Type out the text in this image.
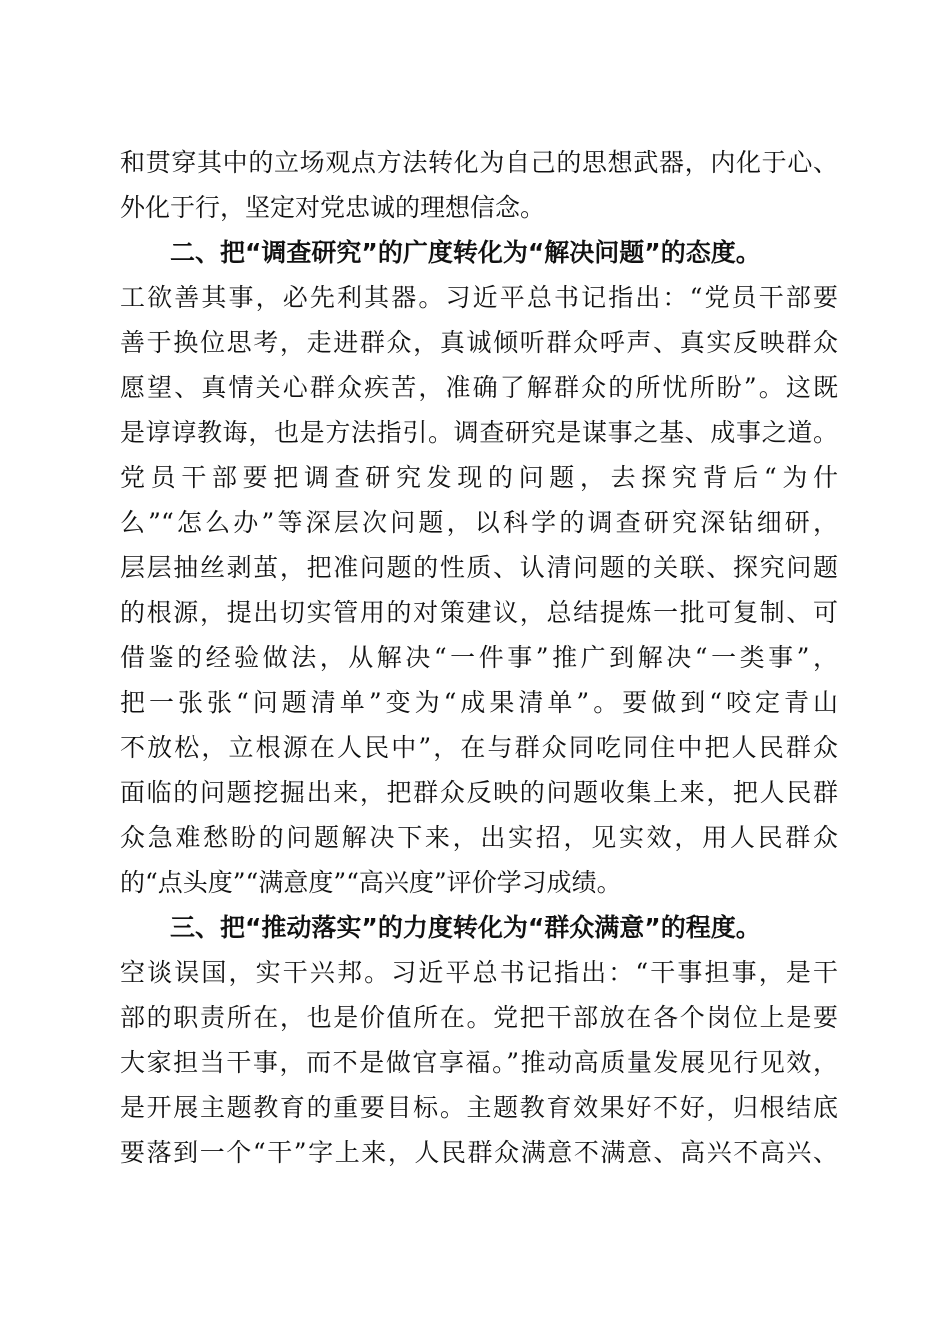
和贯穿其中的立场观点方法转化为自己的思想武器，内化于心、
外化于行，坚定对党忠诚的理想信念。
二、把“调查研究”的广度转化为“解决问题”的态度。
工欲善其事，必先利其器。习近平总书记指出：“党员干部要
善于换位思考，走进群众，真诚倾听群众呼声、真实反映群众
愿望、真情关心群众疾苦，准确了解群众的所忧所盼”。这既
是谆谆教诲，也是方法指引。调查研究是谋事之基、成事之道。
党员干部要把调查研究发现的问题，去探究背后“为什
么”“怎么办”等深层次问题，以科学的调查研究深钻细研，
层层抽丝剥茧，把准问题的性质、认清问题的关联、探究问题
的根源，提出切实管用的对策建议，总结提炼一批可复制、可
借鉴的经验做法，从解决“一件事”推广到解决“一类事”，
把一张张“问题清单”变为“成果清单”。要做到“咬定青山
不放松，立根源在人民中”，在与群众同吃同住中把人民群众
面临的问题挖掘出来，把群众反映的问题收集上来，把人民群
众急难愁盼的问题解决下来，出实招，见实效，用人民群众
的“点头度”“满意度”“高兴度”评价学习成绩。
三、把“推动落实”的力度转化为“群众满意”的程度。
空谈误国，实干兴邦。习近平总书记指出：“干事担事，是干
部的职责所在，也是价值所在。党把干部放在各个岗位上是要
大家担当干事，而不是做官享福。”推动高质量发展见行见效，
是开展主题教育的重要目标。主题教育效果好不好，归根结底
要落到一个“干”字上来，人民群众满意不满意、高兴不高兴、
